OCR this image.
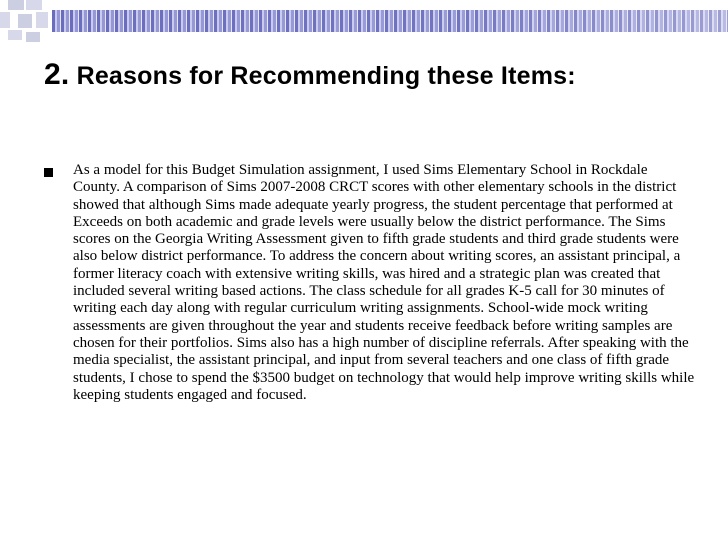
2. Reasons for Recommending these Items:

As a model for this Budget Simulation assignment, I used Sims Elementary School in Rockdale County. A comparison of Sims 2007-2008 CRCT scores with other elementary schools in the district showed that although Sims made adequate yearly progress, the student percentage that performed at Exceeds on both academic and grade levels were usually below the district performance. The Sims scores on the Georgia Writing Assessment given to fifth grade students and third grade students were also below district performance. To address the concern about writing scores, an assistant principal, a former literacy coach with extensive writing skills, was hired and a strategic plan was created that included several writing based actions. The class schedule for all grades K-5 call for 30 minutes of writing each day along with regular curriculum writing assignments. School-wide mock writing assessments are given throughout the year and students receive feedback before writing samples are chosen for their portfolios. Sims also has a high number of discipline referrals. After speaking with the media specialist, the assistant principal, and input from several teachers and one class of fifth grade students, I chose to spend the $3500 budget on technology that would help improve writing skills while keeping students engaged and focused.
